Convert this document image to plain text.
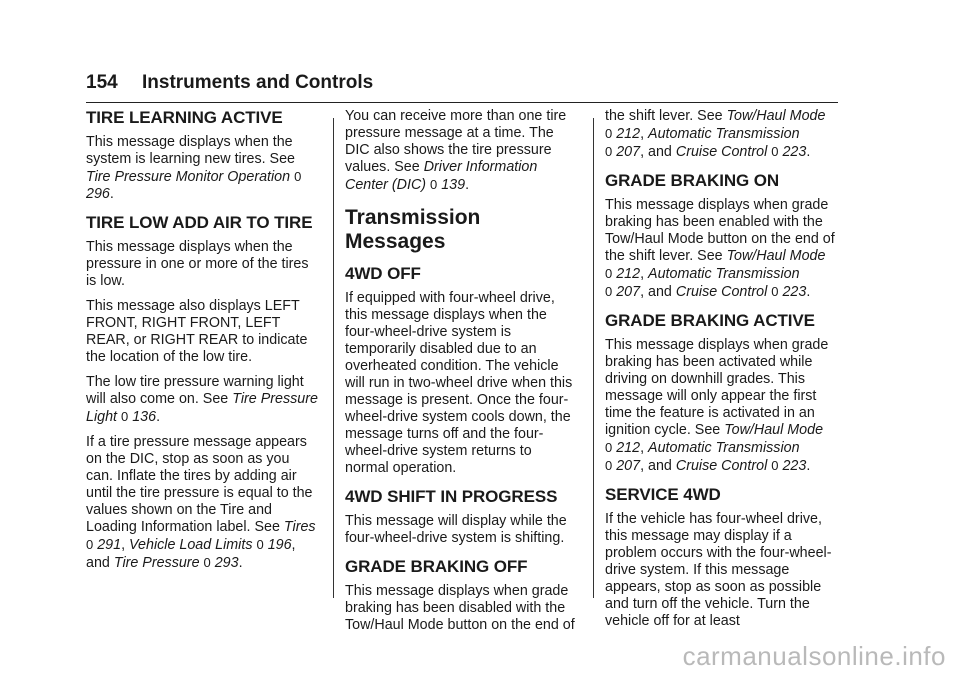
154 Instruments and Controls
TIRE LEARNING ACTIVE

This message displays when the system is learning new tires. See Tire Pressure Monitor Operation 0 296.

TIRE LOW ADD AIR TO TIRE

This message displays when the pressure in one or more of the tires is low.

This message also displays LEFT FRONT, RIGHT FRONT, LEFT REAR, or RIGHT REAR to indicate the location of the low tire.

The low tire pressure warning light will also come on. See Tire Pressure Light 0 136.

If a tire pressure message appears on the DIC, stop as soon as you can. Inflate the tires by adding air until the tire pressure is equal to the values shown on the Tire and Loading Information label. See Tires 0 291, Vehicle Load Limits 0 196, and Tire Pressure 0 293.

You can receive more than one tire pressure message at a time. The DIC also shows the tire pressure values. See Driver Information Center (DIC) 0 139.

Transmission Messages
4WD OFF

If equipped with four-wheel drive, this message displays when the four-wheel-drive system is temporarily disabled due to an overheated condition. The vehicle will run in two-wheel drive when this message is present. Once the four-wheel-drive system cools down, the message turns off and the four-wheel-drive system returns to normal operation.

4WD SHIFT IN PROGRESS

This message will display while the four-wheel-drive system is shifting.

GRADE BRAKING OFF

This message displays when grade braking has been disabled with the Tow/Haul Mode button on the end of

the shift lever. See Tow/Haul Mode
0 212, Automatic Transmission
0 207, and Cruise Control 0 223.

GRADE BRAKING ON

This message displays when grade braking has been enabled with the Tow/Haul Mode button on the end of the shift lever. See Tow/Haul Mode
0 212, Automatic Transmission
0 207, and Cruise Control 0 223.

GRADE BRAKING ACTIVE

This message displays when grade braking has been activated while driving on downhill grades. This message will only appear the first time the feature is activated in an ignition cycle. See Tow/Haul Mode
0 212, Automatic Transmission
0 207, and Cruise Control 0 223.

SERVICE 4WD

If the vehicle has four-wheel drive, this message may display if a problem occurs with the four-wheel-drive system. If this message appears, stop as soon as possible and turn off the vehicle. Turn the vehicle off for at least

carmanualsonline.info
